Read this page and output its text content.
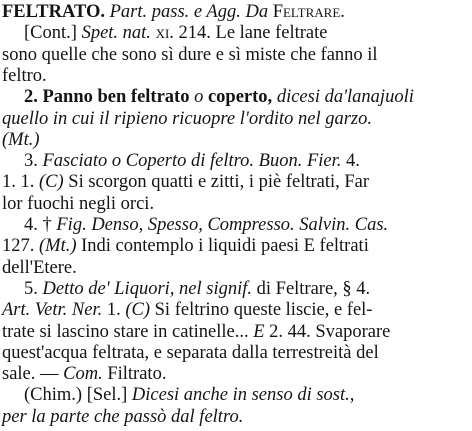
FELTRATO. Part. pass. e Agg. Da Feltrare.
[Cont.] Spet. nat. xi. 214. Le lane feltrate
sono quelle che sono sì dure e sì miste che fanno il
feltro.
2. Panno ben feltrato o coperto, dicesi da'lanajuoli
quello in cui il ripieno ricuopre l'ordito nel garzo.
(Mt.)
3. Fasciato o Coperto di feltro. Buon. Fier. 4.
1. 1. (C) Si scorgon quatti e zitti, i piè feltrati, Far
lor fuochi negli orci.
4. † Fig. Denso, Spesso, Compresso. Salvin. Cas.
127. (Mt.) Indi contemplo i liquidi paesi E feltrati
dell'Etere.
5. Detto de' Liquori, nel signif. di Feltrare, § 4.
Art. Vetr. Ner. 1. (C) Si feltrino queste liscie, e fel-
trate si lascino stare in catinelle... E 2. 44. Svaporare
quest'acqua feltrata, e separata dalla terrestreità del
sale. — Com. Filtrato.
(Chim.) [Sel.] Dicesi anche in senso di sost.,
per la parte che passò dal feltro.
